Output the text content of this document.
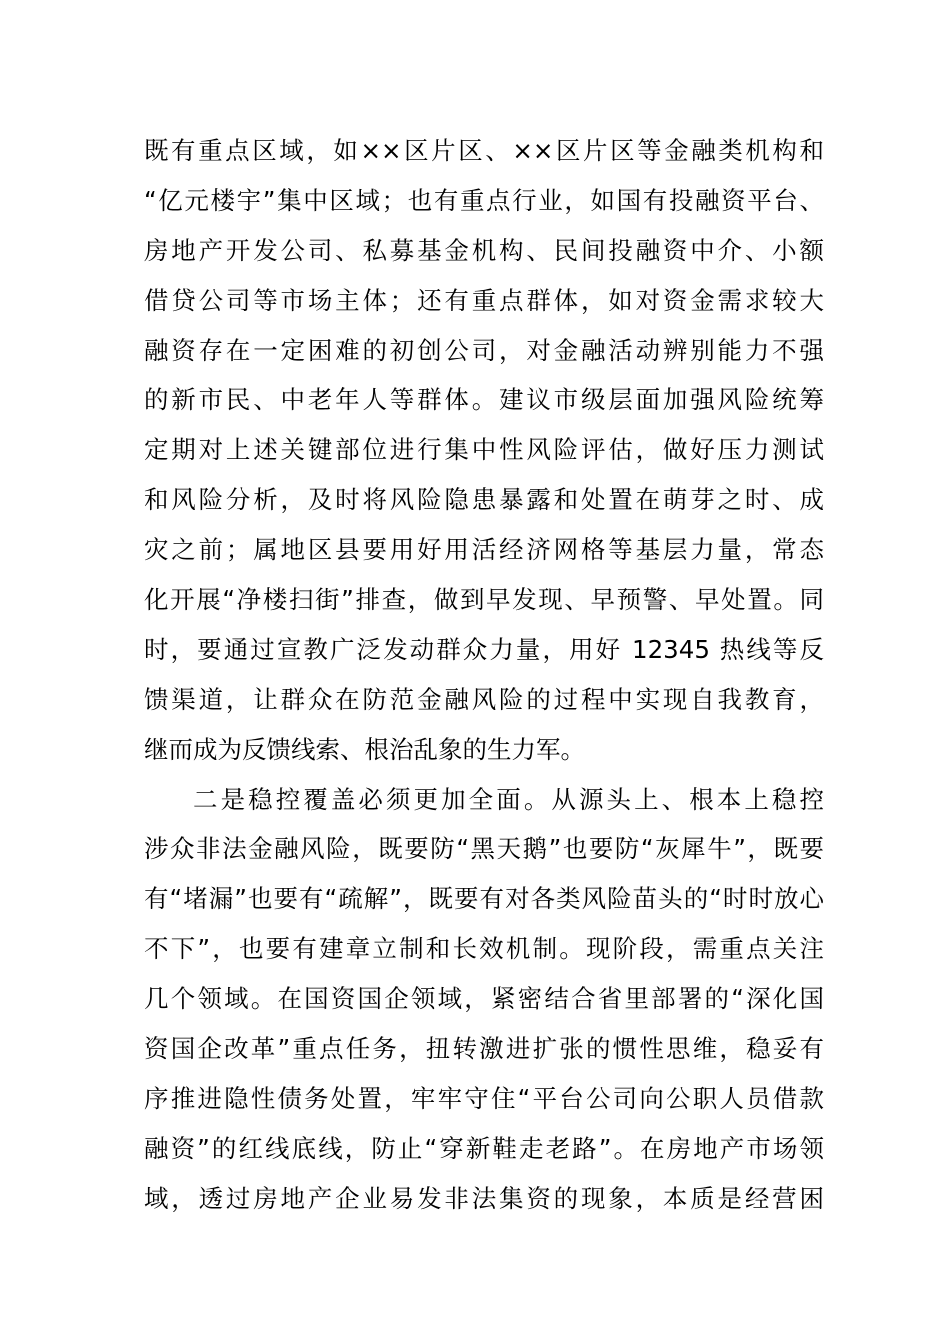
既有重点区域，如××区片区、××区片区等金融类机构和
“亿元楼宇”集中区域；也有重点行业，如国有投融资平台、
房地产开发公司、私募基金机构、民间投融资中介、小额
借贷公司等市场主体；还有重点群体，如对资金需求较大
融资存在一定困难的初创公司，对金融活动辨别能力不强
的新市民、中老年人等群体。建议市级层面加强风险统筹
定期对上述关键部位进行集中性风险评估，做好压力测试
和风险分析，及时将风险隐患暴露和处置在萌芽之时、成
灾之前；属地区县要用好用活经济网格等基层力量，常态
化开展“净楼扫街”排查，做到早发现、早预警、早处置。同
时，要通过宣教广泛发动群众力量，用好 12345 热线等反
馈渠道，让群众在防范金融风险的过程中实现自我教育，
继而成为反馈线索、根治乱象的生力军。
二是稳控覆盖必须更加全面。从源头上、根本上稳控
涉众非法金融风险，既要防“黑天鹅”也要防“灰犀牛”，既要
有“堵漏”也要有“疏解”，既要有对各类风险苗头的“时时放心
不下”，也要有建章立制和长效机制。现阶段，需重点关注
几个领域。在国资国企领域，紧密结合省里部署的“深化国
资国企改革”重点任务，扭转激进扩张的惯性思维，稳妥有
序推进隐性债务处置，牢牢守住“平台公司向公职人员借款
融资”的红线底线，防止“穿新鞋走老路”。在房地产市场领
域，透过房地产企业易发非法集资的现象，本质是经营困
